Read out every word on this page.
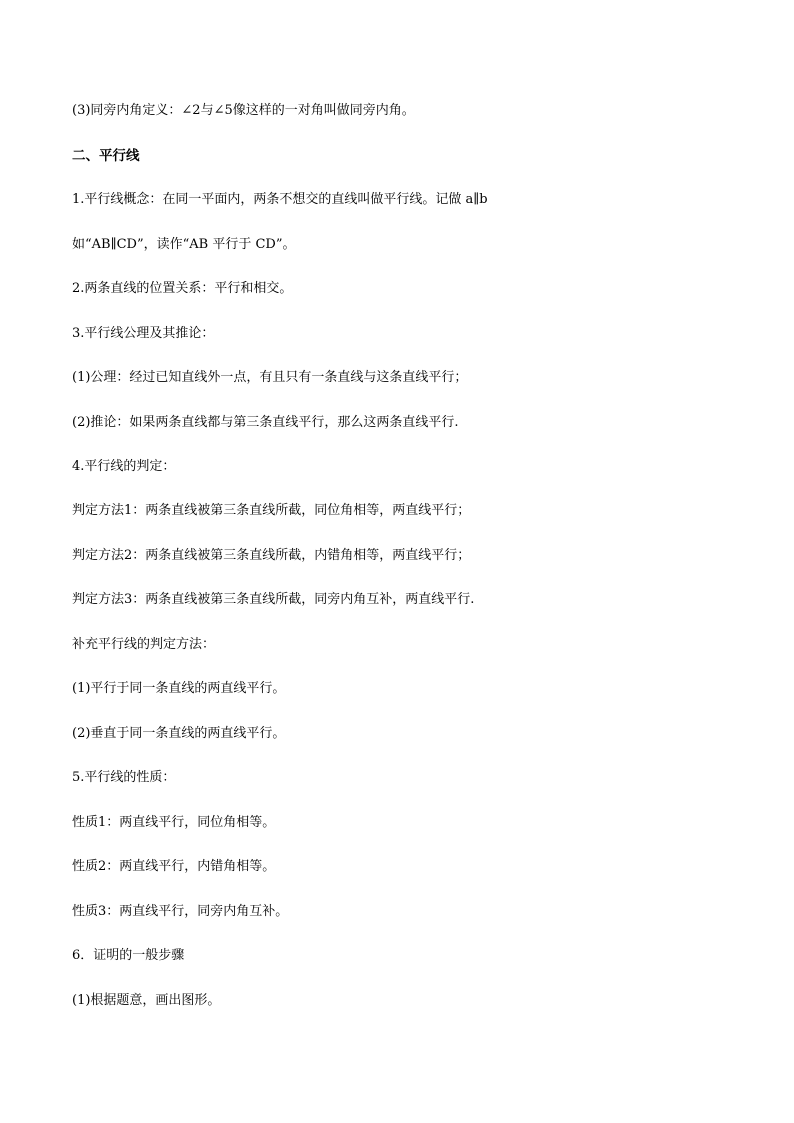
(3)同旁内角定义：∠2与∠5像这样的一对角叫做同旁内角。
二、平行线
1.平行线概念：在同一平面内，两条不想交的直线叫做平行线。记做 a∥b
如“AB∥CD”，读作“AB 平行于 CD”。
2.两条直线的位置关系：平行和相交。
3.平行线公理及其推论：
(1)公理：经过已知直线外一点，有且只有一条直线与这条直线平行；
(2)推论：如果两条直线都与第三条直线平行，那么这两条直线平行.
4.平行线的判定：
判定方法1：两条直线被第三条直线所截，同位角相等，两直线平行；
判定方法2：两条直线被第三条直线所截，内错角相等，两直线平行；
判定方法3：两条直线被第三条直线所截，同旁内角互补，两直线平行.
补充平行线的判定方法：
(1)平行于同一条直线的两直线平行。
(2)垂直于同一条直线的两直线平行。
5.平行线的性质：
性质1：两直线平行，同位角相等。
性质2：两直线平行，内错角相等。
性质3：两直线平行，同旁内角互补。
6．证明的一般步骤
(1)根据题意，画出图形。
